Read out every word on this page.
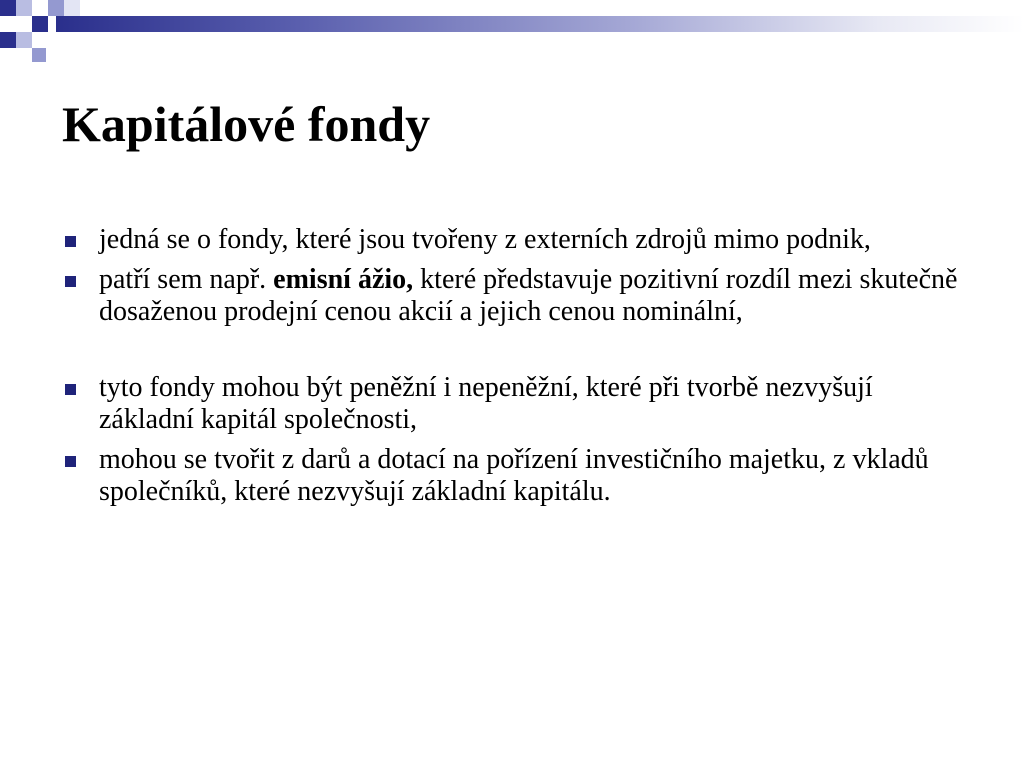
Kapitálové fondy
jedná se o fondy, které jsou tvořeny z externích zdrojů mimo podnik,
patří sem např. emisní ážio, které představuje pozitivní rozdíl mezi skutečně dosaženou prodejní cenou akcií a jejich cenou nominální,
tyto fondy mohou být peněžní i nepeněžní, které při tvorbě nezvyšují základní kapitál společnosti,
mohou se tvořit z darů a dotací na pořízení investičního majetku, z vkladů společníků, které nezvyšují základní kapitálu.
